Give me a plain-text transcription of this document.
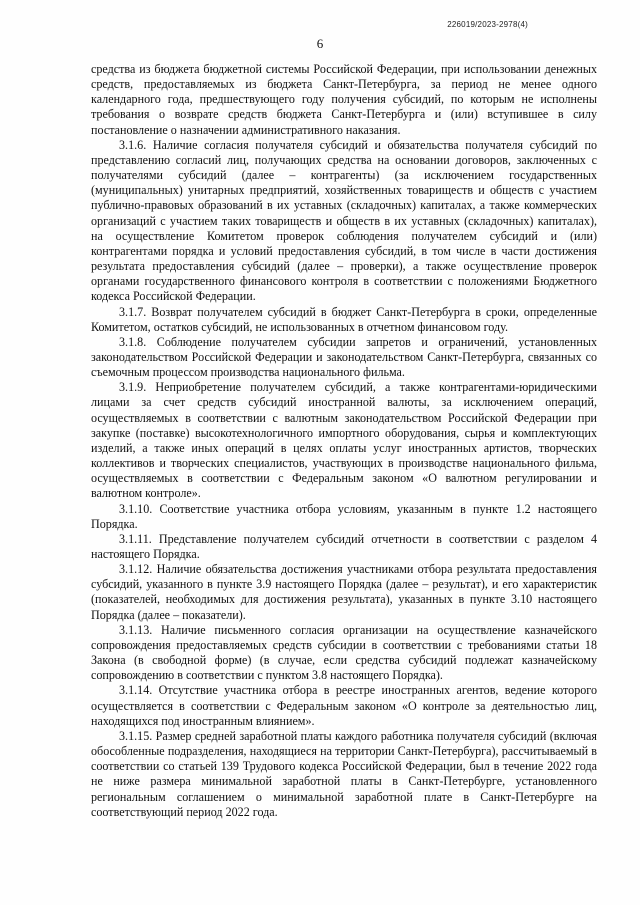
226019/2023-2978(4)
6

средства из бюджета бюджетной системы Российской Федерации, при использовании денежных средств, предоставляемых из бюджета Санкт-Петербурга, за период не менее одного календарного года, предшествующего году получения субсидий, по которым не исполнены требования о возврате средств бюджета Санкт-Петербурга и (или) вступившее в силу постановление о назначении административного наказания.

3.1.6. Наличие согласия получателя субсидий и обязательства получателя субсидий по представлению согласий лиц, получающих средства на основании договоров, заключенных с получателями субсидий (далее – контрагенты) (за исключением государственных (муниципальных) унитарных предприятий, хозяйственных товариществ и обществ с участием публично-правовых образований в их уставных (складочных) капиталах, а также коммерческих организаций с участием таких товариществ и обществ в их уставных (складочных) капиталах), на осуществление Комитетом проверок соблюдения получателем субсидий и (или) контрагентами порядка и условий предоставления субсидий, в том числе в части достижения результата предоставления субсидий (далее – проверки), а также осуществление проверок органами государственного финансового контроля в соответствии с положениями Бюджетного кодекса Российской Федерации.

3.1.7. Возврат получателем субсидий в бюджет Санкт-Петербурга в сроки, определенные Комитетом, остатков субсидий, не использованных в отчетном финансовом году.

3.1.8. Соблюдение получателем субсидии запретов и ограничений, установленных законодательством Российской Федерации и законодательством Санкт-Петербурга, связанных со съемочным процессом производства национального фильма.

3.1.9. Неприобретение получателем субсидий, а также контрагентами-юридическими лицами за счет средств субсидий иностранной валюты, за исключением операций, осуществляемых в соответствии с валютным законодательством Российской Федерации при закупке (поставке) высокотехнологичного импортного оборудования, сырья и комплектующих изделий, а также иных операций в целях оплаты услуг иностранных артистов, творческих коллективов и творческих специалистов, участвующих в производстве национального фильма, осуществляемых в соответствии с Федеральным законом «О валютном регулировании и валютном контроле».

3.1.10. Соответствие участника отбора условиям, указанным в пункте 1.2 настоящего Порядка.

3.1.11. Представление получателем субсидий отчетности в соответствии с разделом 4 настоящего Порядка.

3.1.12. Наличие обязательства достижения участниками отбора результата предоставления субсидий, указанного в пункте 3.9 настоящего Порядка (далее – результат), и его характеристик (показателей, необходимых для достижения результата), указанных в пункте 3.10 настоящего Порядка (далее – показатели).

3.1.13. Наличие письменного согласия организации на осуществление казначейского сопровождения предоставляемых средств субсидии в соответствии с требованиями статьи 18 Закона (в свободной форме) (в случае, если средства субсидий подлежат казначейскому сопровождению в соответствии с пунктом 3.8 настоящего Порядка).

3.1.14. Отсутствие участника отбора в реестре иностранных агентов, ведение которого осуществляется в соответствии с Федеральным законом «О контроле за деятельностью лиц, находящихся под иностранным влиянием».

3.1.15. Размер средней заработной платы каждого работника получателя субсидий (включая обособленные подразделения, находящиеся на территории Санкт-Петербурга), рассчитываемый в соответствии со статьей 139 Трудового кодекса Российской Федерации, был в течение 2022 года не ниже размера минимальной заработной платы в Санкт-Петербурге, установленного региональным соглашением о минимальной заработной плате в Санкт-Петербурге на соответствующий период 2022 года.
